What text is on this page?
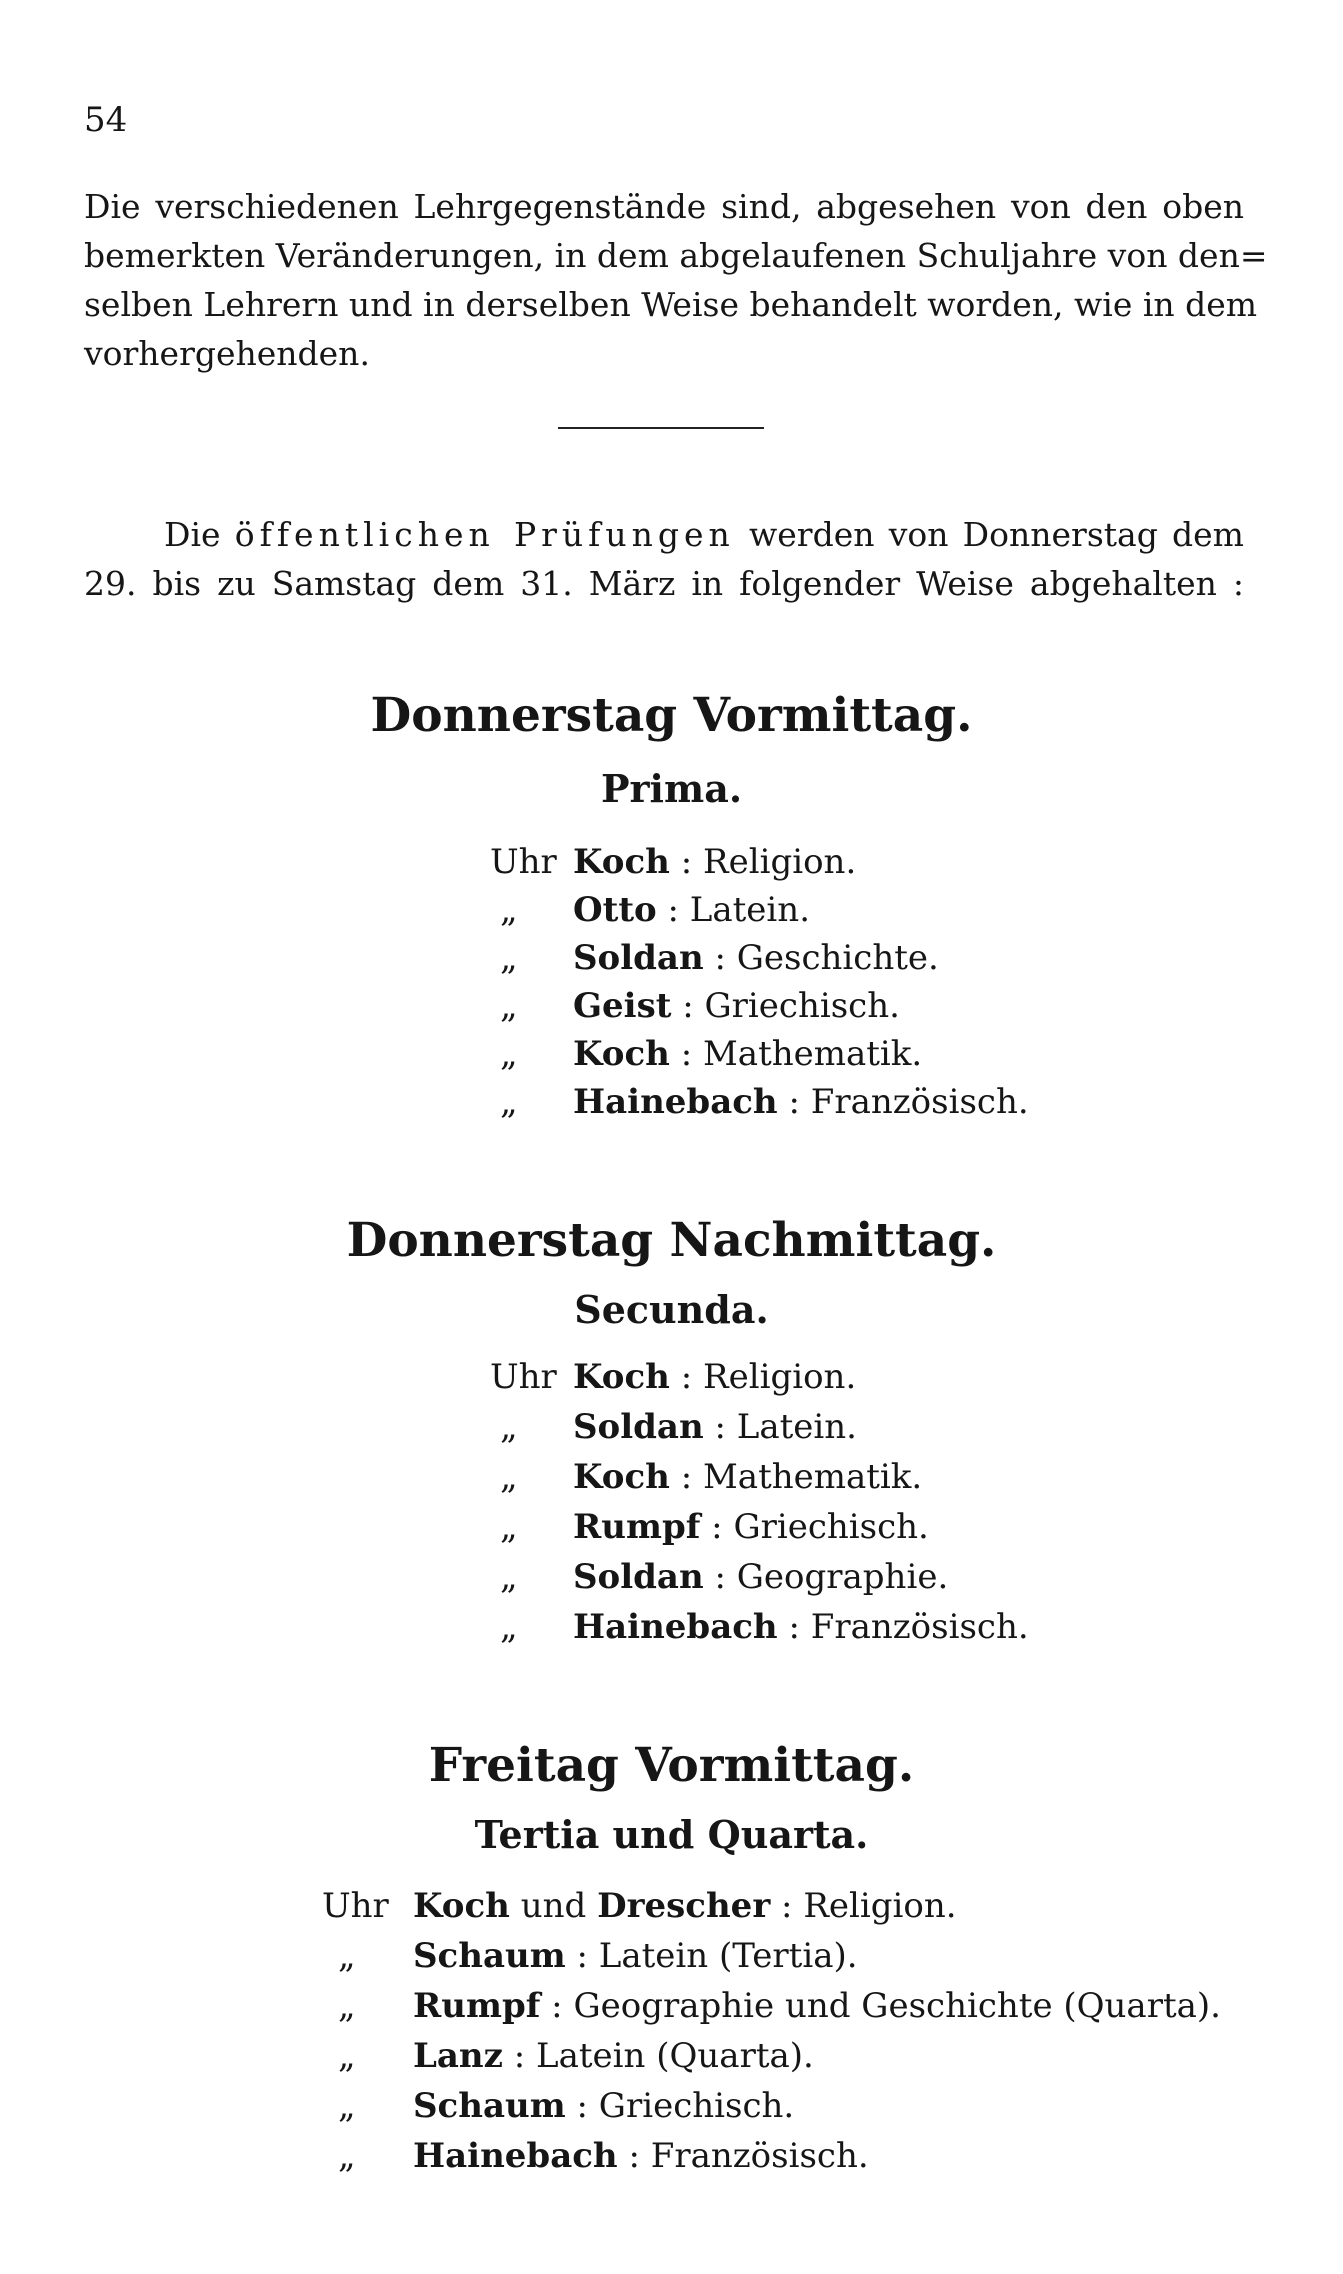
54

Die verschiedenen Lehrgegenstände sind, abgesehen von den oben
bemerkten Veränderungen, in dem abgelaufenen Schuljahre von den=
selben Lehrern und in derselben Weise behandelt worden, wie in dem
vorhergehenden.

Die öffentlichen Prüfungen werden von Donnerstag dem
29. bis zu Samstag dem 31. März in folgender Weise abgehalten :

Donnerstag Vormittag.
Prima.
Uhr Koch : Religion.
„ Otto : Latein.
„ Soldan : Geschichte.
„ Geist : Griechisch.
„ Koch : Mathematik.
„ Hainebach : Französisch.
Donnerstag Nachmittag.
Secunda.
Uhr Koch : Religion.
„ Soldan : Latein.
„ Koch : Mathematik.
„ Rumpf : Griechisch.
„ Soldan : Geographie.
„ Hainebach : Französisch.
Freitag Vormittag.
Tertia und Quarta.
Uhr Koch und Drescher : Religion.
„ Schaum : Latein (Tertia).
„ Rumpf : Geographie und Geschichte (Quarta).
„ Lanz : Latein (Quarta).
„ Schaum : Griechisch.
„ Hainebach : Französisch.
